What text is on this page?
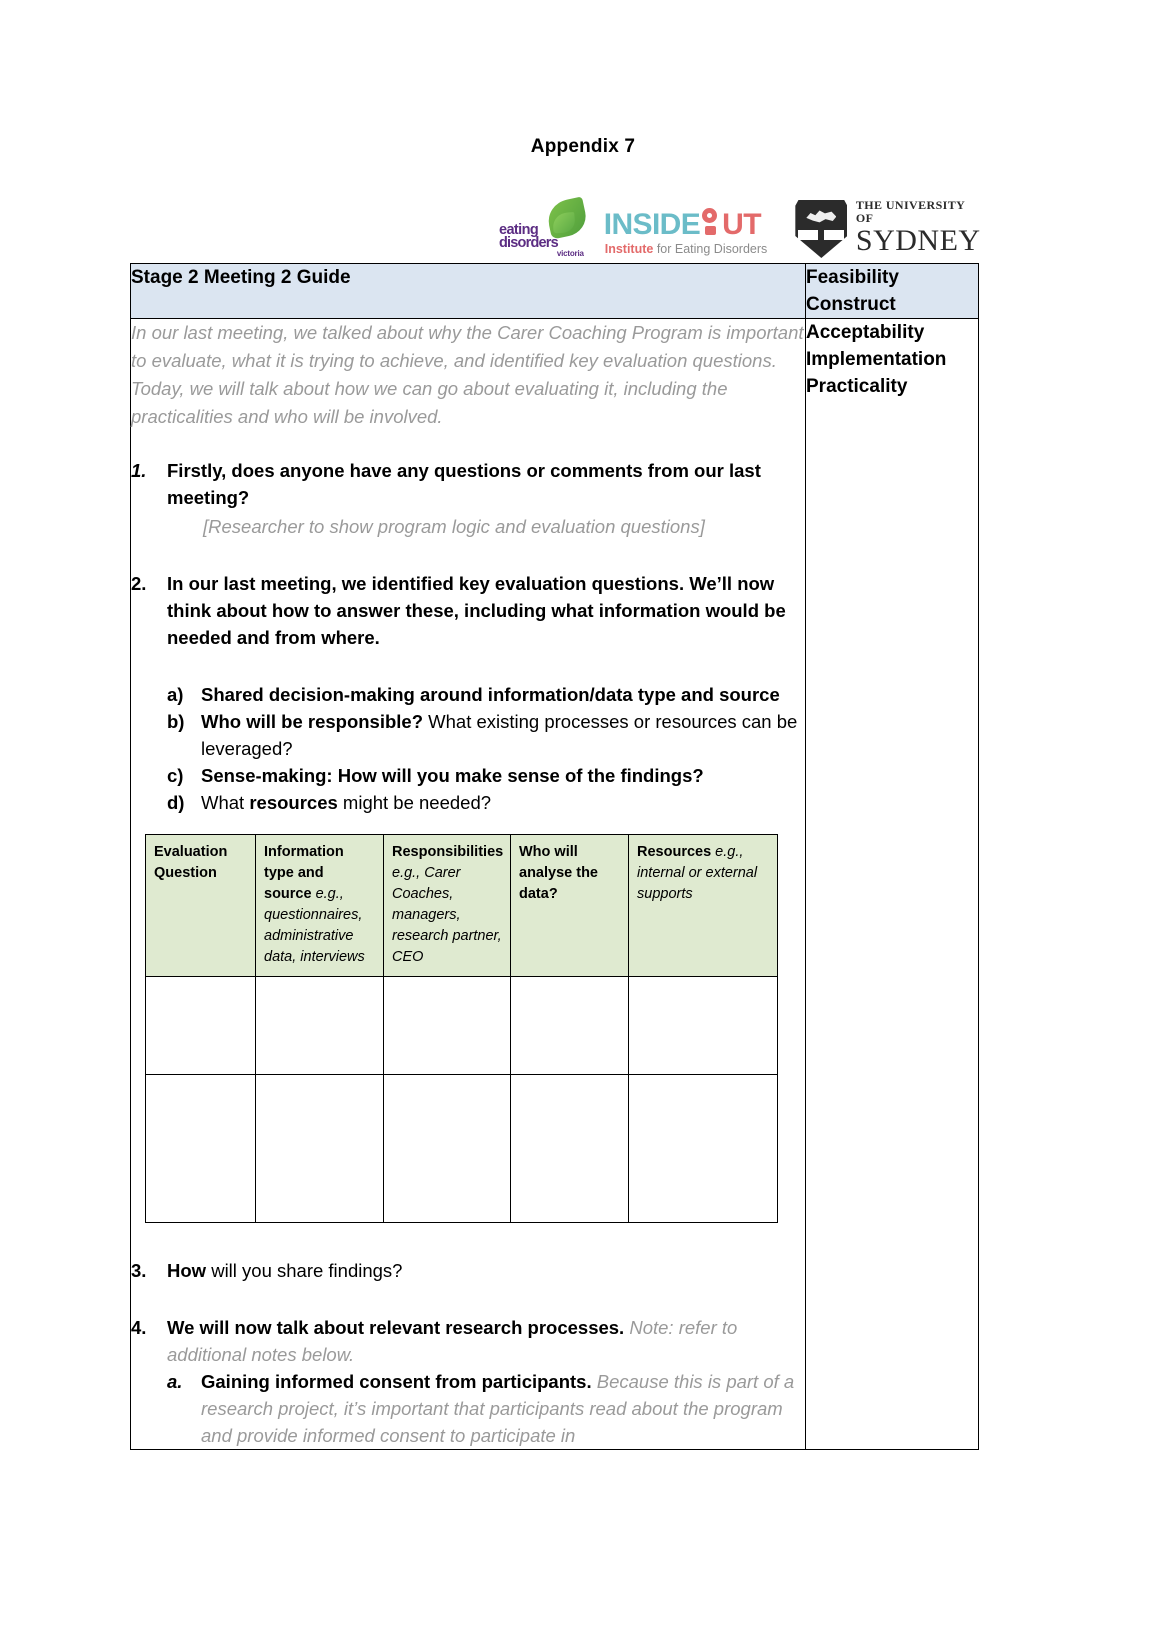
Appendix 7
eating
disorders
victoria
INSIDE UT
Institute for Eating Disorders
THE UNIVERSITY OF
SYDNEY
Stage 2 Meeting 2 Guide	Feasibility
Construct

In our last meeting, we talked about why the Carer Coaching Program is important to evaluate, what it is trying to achieve, and identified key evaluation questions. Today, we will talk about how we can go about evaluating it, including the practicalities and who will be involved.

1.	Firstly, does anyone have any questions or comments from our last meeting?
[Researcher to show program logic and evaluation questions]
2.	In our last meeting, we identified key evaluation questions. We’ll now think about how to answer these, including what information would be needed and from where.
a) Shared decision-making around information/data type and source
b) Who will be responsible? What existing processes or resources can be leveraged?
c) Sense-making: How will you make sense of the findings?
d) What resources might be needed?
Evaluation Question	Information type and source e.g., questionnaires, administrative data, interviews	Responsibilities e.g., Carer Coaches, managers, research partner, CEO	Who will analyse the data?	Resources e.g., internal or external supports

3.	How will you share findings?
4.	We will now talk about relevant research processes. Note: refer to additional notes below.
a.	Gaining informed consent from participants. Because this is part of a research project, it’s important that participants read about the program and provide informed consent to participate in

Acceptability
Implementation
Practicality
